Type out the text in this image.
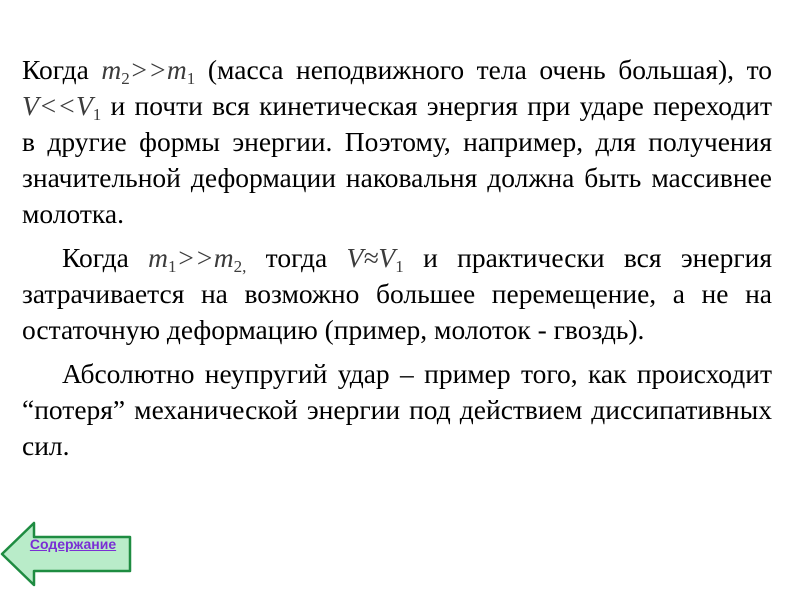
Когда $m_2>>m_1$ (масса неподвижного тела очень большая), то $V<<V_1$ и почти вся кинетическая энергия при ударе переходит в другие формы энергии. Поэтому, например, для получения значительной деформации наковальня должна быть массивнее молотка.

Когда $m_1>>m_{2,}$ тогда $V\approx V_1$ и практически вся энергия затрачивается на возможно большее перемещение, а не на остаточную деформацию (пример, молоток - гвоздь).

Абсолютно неупругий удар – пример того, как происходит “потеря” механической энергии под действием диссипативных сил.

Содержание
